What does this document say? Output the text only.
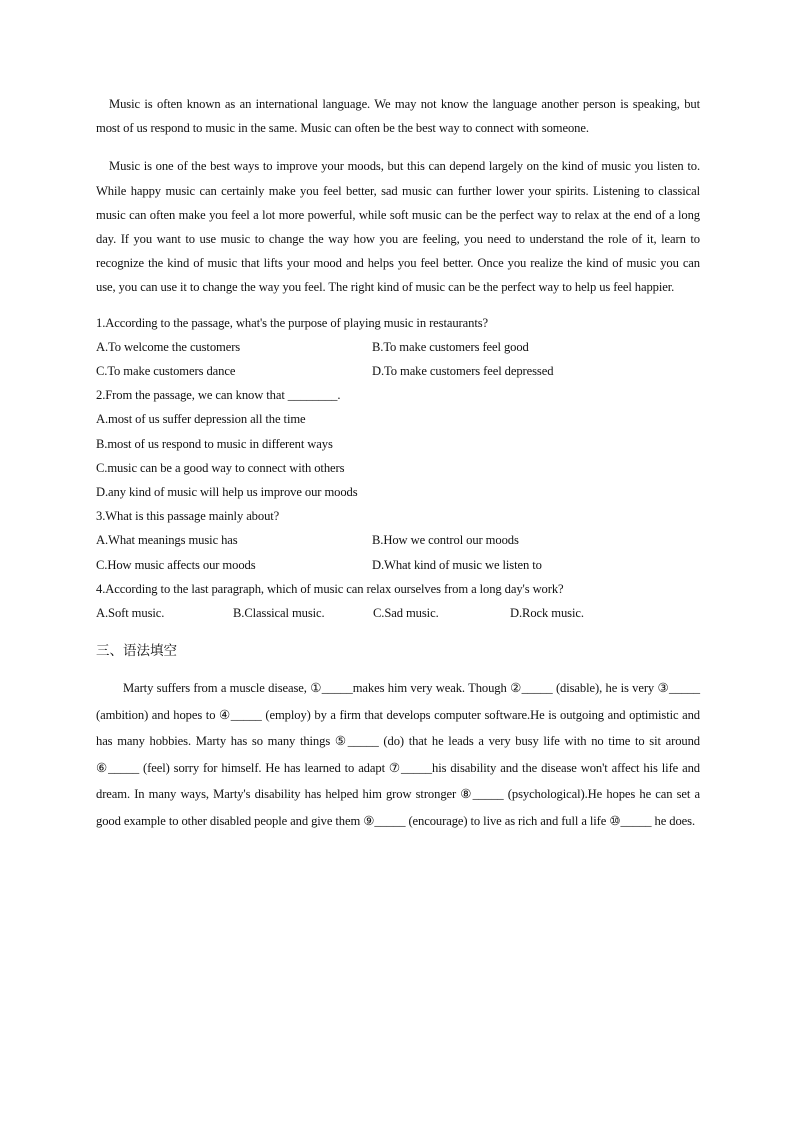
Music is often known as an international language. We may not know the language another person is speaking, but most of us respond to music in the same. Music can often be the best way to connect with someone.

Music is one of the best ways to improve your moods, but this can depend largely on the kind of music you listen to. While happy music can certainly make you feel better, sad music can further lower your spirits. Listening to classical music can often make you feel a lot more powerful, while soft music can be the perfect way to relax at the end of a long day. If you want to use music to change the way how you are feeling, you need to understand the role of it, learn to recognize the kind of music that lifts your mood and helps you feel better. Once you realize the kind of music you can use, you can use it to change the way you feel. The right kind of music can be the perfect way to help us feel happier.

1.According to the passage, what's the purpose of playing music in restaurants?
A.To welcome the customers	B.To make customers feel good
C.To make customers dance	D.To make customers feel depressed
2.From the passage, we can know that ________.
A.most of us suffer depression all the time
B.most of us respond to music in different ways
C.music can be a good way to connect with others
D.any kind of music will help us improve our moods
3.What is this passage mainly about?
A.What meanings music has	B.How we control our moods
C.How music affects our moods	D.What kind of music we listen to
4.According to the last paragraph, which of music can relax ourselves from a long day's work?
A.Soft music.	B.Classical music.	C.Sad music.	D.Rock music.
三、语法填空

Marty suffers from a muscle disease, ①_____makes him very weak. Though ②_____ (disable), he is very ③_____ (ambition) and hopes to ④_____ (employ) by a firm that develops computer software.He is outgoing and optimistic and has many hobbies. Marty has so many things ⑤_____ (do) that he leads a very busy life with no time to sit around ⑥_____ (feel) sorry for himself. He has learned to adapt ⑦_____his disability and the disease won't affect his life and dream. In many ways, Marty's disability has helped him grow stronger ⑧_____ (psychological).He hopes he can set a good example to other disabled people and give them ⑨_____ (encourage) to live as rich and full a life ⑩_____ he does.
